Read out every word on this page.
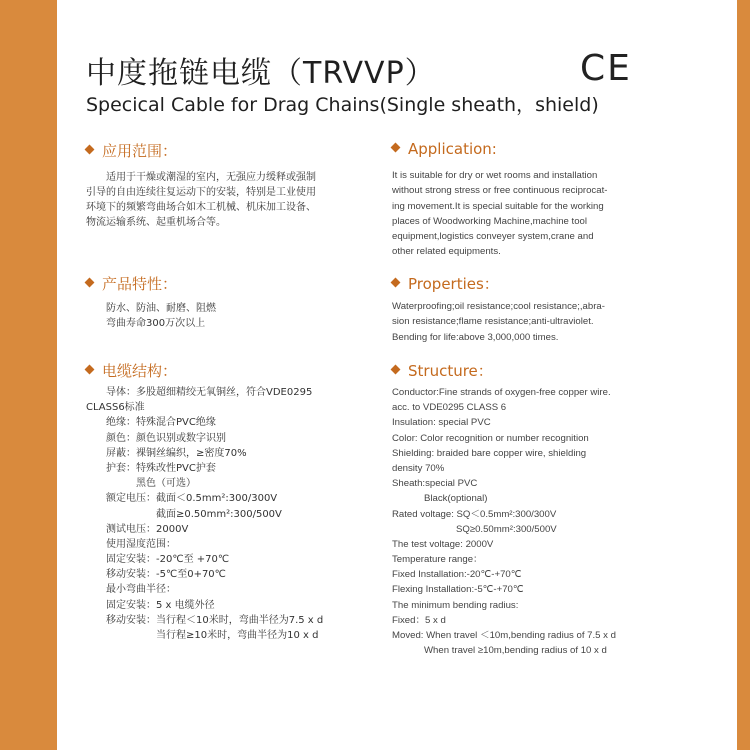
中度拖链电缆（TRVVP）
Specical Cable for Drag Chains(Single sheath，shield)
CE
应用范围：
　　适用于干燥或潮湿的室内，无强应力缓释或强制
引导的自由连续往复运动下的安装，特别是工业使用
环境下的频繁弯曲场合如木工机械、机床加工设备、
物流运输系统、起重机场合等。
Application:
It is suitable for dry or wet rooms and installation
without strong stress or free continuous reciprocat-
ing movement.It is special suitable for the working
places of Woodworking Machine,machine tool
equipment,logistics conveyer system,crane and
other related equipments.
产品特性：
　　防水、防油、耐磨、阻燃
　　弯曲寿命300万次以上
Properties：
Waterproofing;oil resistance;cool resistance;,abra-
sion resistance;flame resistance;anti-ultraviolet.
Bending for life:above 3,000,000 times.
电缆结构：
　　导体：多股超细精绞无氧铜丝，符合VDE0295
CLASS6标准
　　绝缘：特殊混合PVC绝缘
　　颜色：颜色识别或数字识别
　　屏蔽：裸铜丝编织，≥密度70%
　　护套：特殊改性PVC护套
　　　　　黑色（可选）
　　额定电压：截面＜0.5mm²:300/300V
　　　　　　　截面≥0.50mm²:300/500V
　　测试电压：2000V
　　使用湿度范围：
　　固定安装：-20℃至 +70℃
　　移动安装：-5℃至0+70℃
　　最小弯曲半径：
　　固定安装：5 x 电缆外径
　　移动安装：当行程＜10米时，弯曲半径为7.5 x d
　　　　　　　当行程≥10米时，弯曲半径为10 x d
Structure：
Conductor:Fine strands of oxygen-free copper wire.
acc. to VDE0295 CLASS 6
Insulation: special PVC
Color: Color recognition or number recognition
Shielding: braided bare copper wire, shielding
density 70%
Sheath:special PVC
Black(optional)
Rated voltage: SQ＜0.5mm²:300/300V
SQ≥0.50mm²:300/500V
The test voltage: 2000V
Temperature range：
Fixed Installation:-20℃-+70℃
Flexing Installation:-5℃-+70℃
The minimum bending radius:
Fixed：5 x d
Moved: When travel ＜10m,bending radius of 7.5 x d
When travel ≥10m,bending radius of 10 x d
